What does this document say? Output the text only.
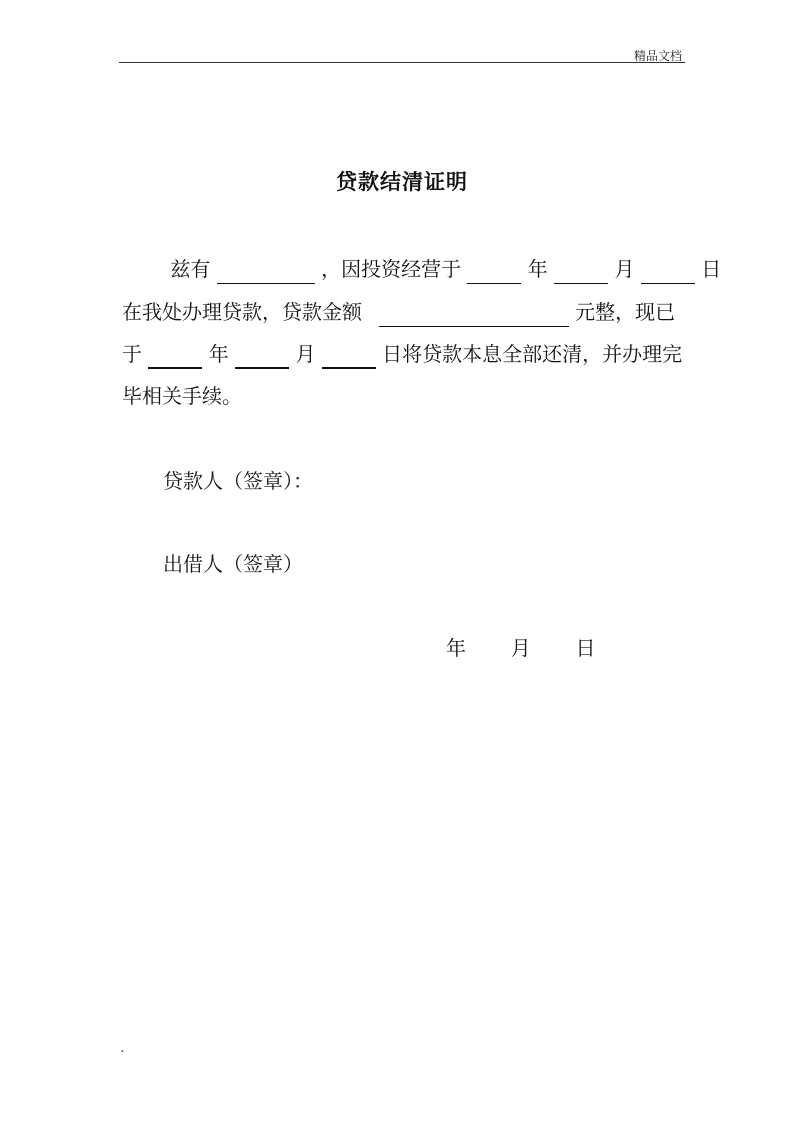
精品文档
贷款结清证明
兹有	，因投资经营于	年	月	日
在我处办理贷款，贷款金额	元整，现已
于	年	月	日将贷款本息全部还清，并办理完
毕相关手续。
贷款人（签章）：
出借人（签章）
年 月 日
.
